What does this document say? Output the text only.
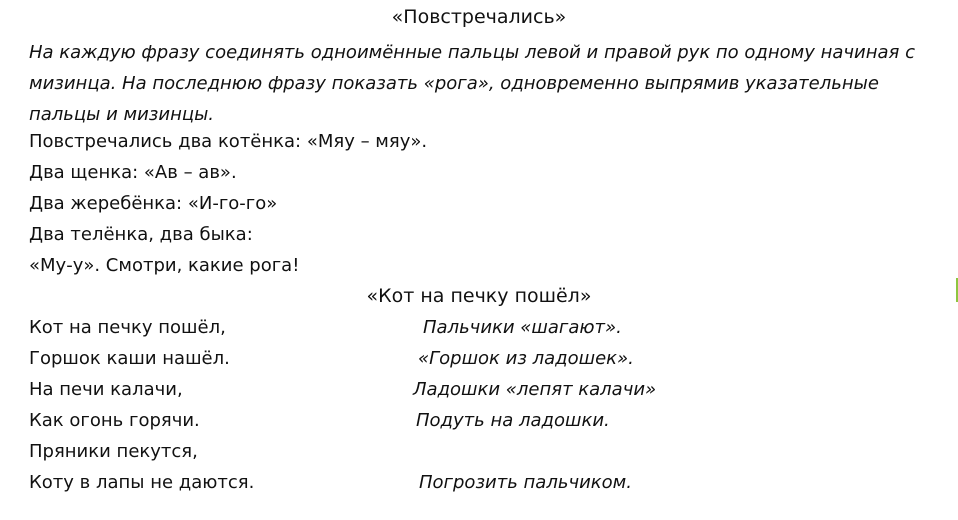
«Повстречались»
На каждую фразу соединять одноимённые пальцы левой и правой рук по одному начиная с
мизинца. На последнюю фразу показать «рога», одновременно выпрямив указательные
пальцы и мизинцы.
Повстречались два котёнка: «Мяу – мяу».
Два щенка: «Ав – ав».
Два жеребёнка: «И-го-го»
Два телёнка, два быка:
«Му-у». Смотри, какие рога!
«Кот на печку пошёл»
Кот на печку пошёл,	Пальчики «шагают».
Горшок каши нашёл.	«Горшок из ладошек».
На печи калачи,	Ладошки «лепят калачи»
Как огонь горячи.	Подуть на ладошки.
Пряники пекутся,
Коту в лапы не даются.	Погрозить пальчиком.
